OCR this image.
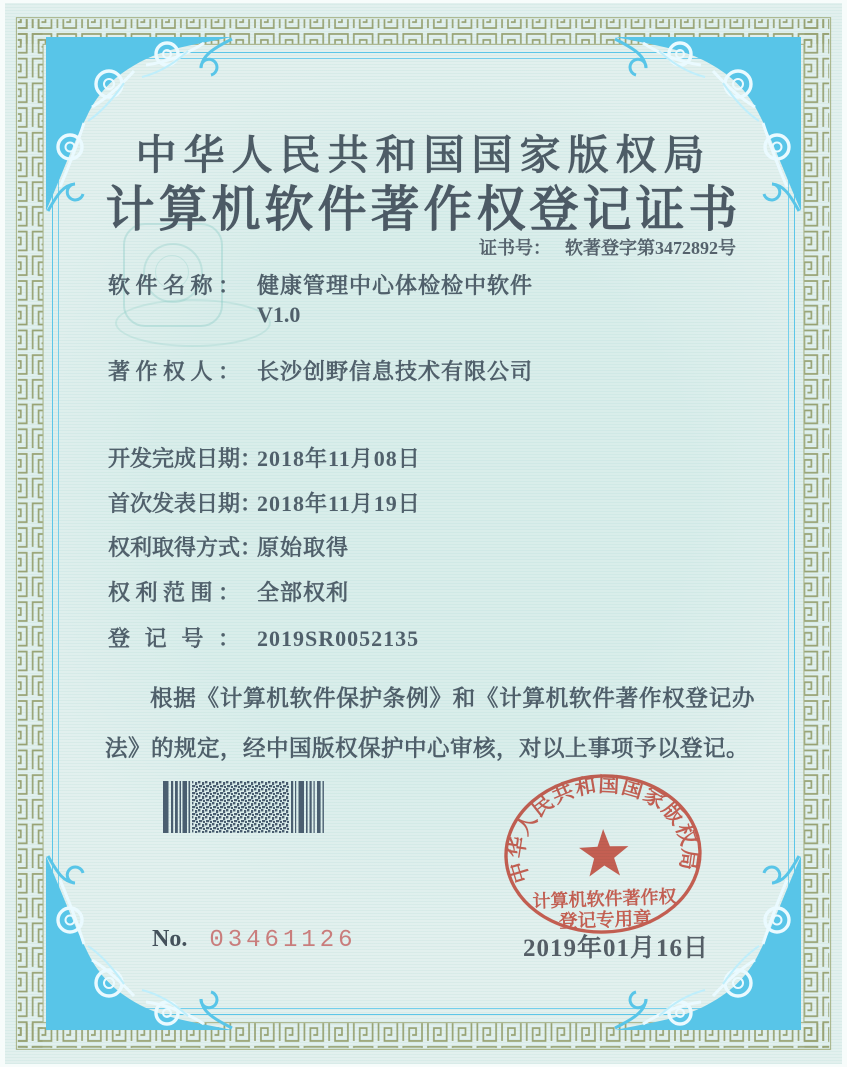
中华人民共和国国家版权局
计算机软件著作权登记证书
证书号： 软著登字第3472892号
软件名称： 健康管理中心体检检中软件
V1.0
著作权人： 长沙创野信息技术有限公司
开发完成日期：2018年11月08日
首次发表日期：2018年11月19日
权利取得方式：原始取得
权利范围： 全部权利
登记号： 2019SR0052135
根据《计算机软件保护条例》和《计算机软件著作权登记办法》的规定，经中国版权保护中心审核，对以上事项予以登记。
中华人民共和国国家版权局
计算机软件著作权
登记专用章
No. 03461126	2019年01月16日
